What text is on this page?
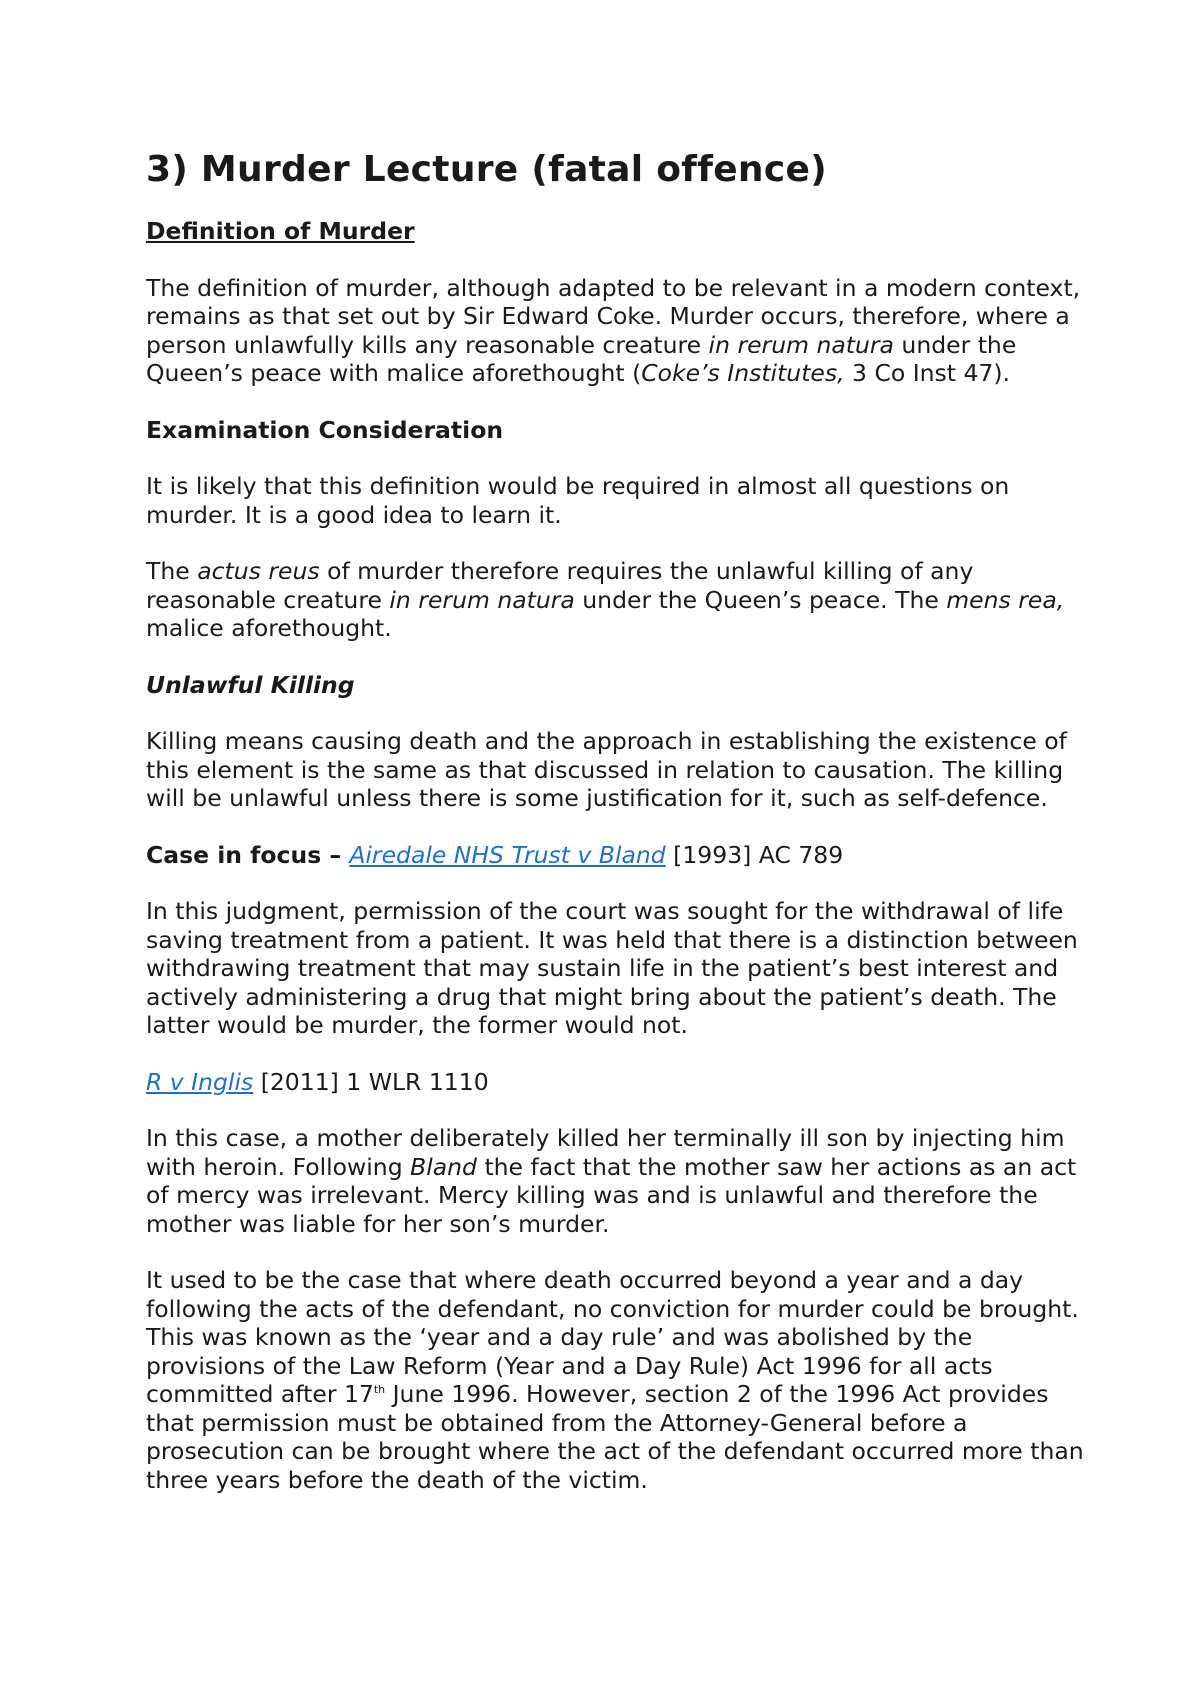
3) Murder Lecture (fatal offence)

Definition of Murder

The definition of murder, although adapted to be relevant in a modern context, remains as that set out by Sir Edward Coke. Murder occurs, therefore, where a person unlawfully kills any reasonable creature in rerum natura under the Queen’s peace with malice aforethought (Coke’s Institutes, 3 Co Inst 47).

Examination Consideration

It is likely that this definition would be required in almost all questions on murder. It is a good idea to learn it.

The actus reus of murder therefore requires the unlawful killing of any reasonable creature in rerum natura under the Queen’s peace. The mens rea, malice aforethought.

Unlawful Killing

Killing means causing death and the approach in establishing the existence of this element is the same as that discussed in relation to causation. The killing will be unlawful unless there is some justification for it, such as self-defence.

Case in focus – Airedale NHS Trust v Bland [1993] AC 789

In this judgment, permission of the court was sought for the withdrawal of life saving treatment from a patient. It was held that there is a distinction between withdrawing treatment that may sustain life in the patient’s best interest and actively administering a drug that might bring about the patient’s death. The latter would be murder, the former would not.

R v Inglis [2011] 1 WLR 1110

In this case, a mother deliberately killed her terminally ill son by injecting him with heroin. Following Bland the fact that the mother saw her actions as an act of mercy was irrelevant. Mercy killing was and is unlawful and therefore the mother was liable for her son’s murder.

It used to be the case that where death occurred beyond a year and a day following the acts of the defendant, no conviction for murder could be brought. This was known as the ‘year and a day rule’ and was abolished by the provisions of the Law Reform (Year and a Day Rule) Act 1996 for all acts committed after 17th June 1996. However, section 2 of the 1996 Act provides that permission must be obtained from the Attorney-General before a prosecution can be brought where the act of the defendant occurred more than three years before the death of the victim.
